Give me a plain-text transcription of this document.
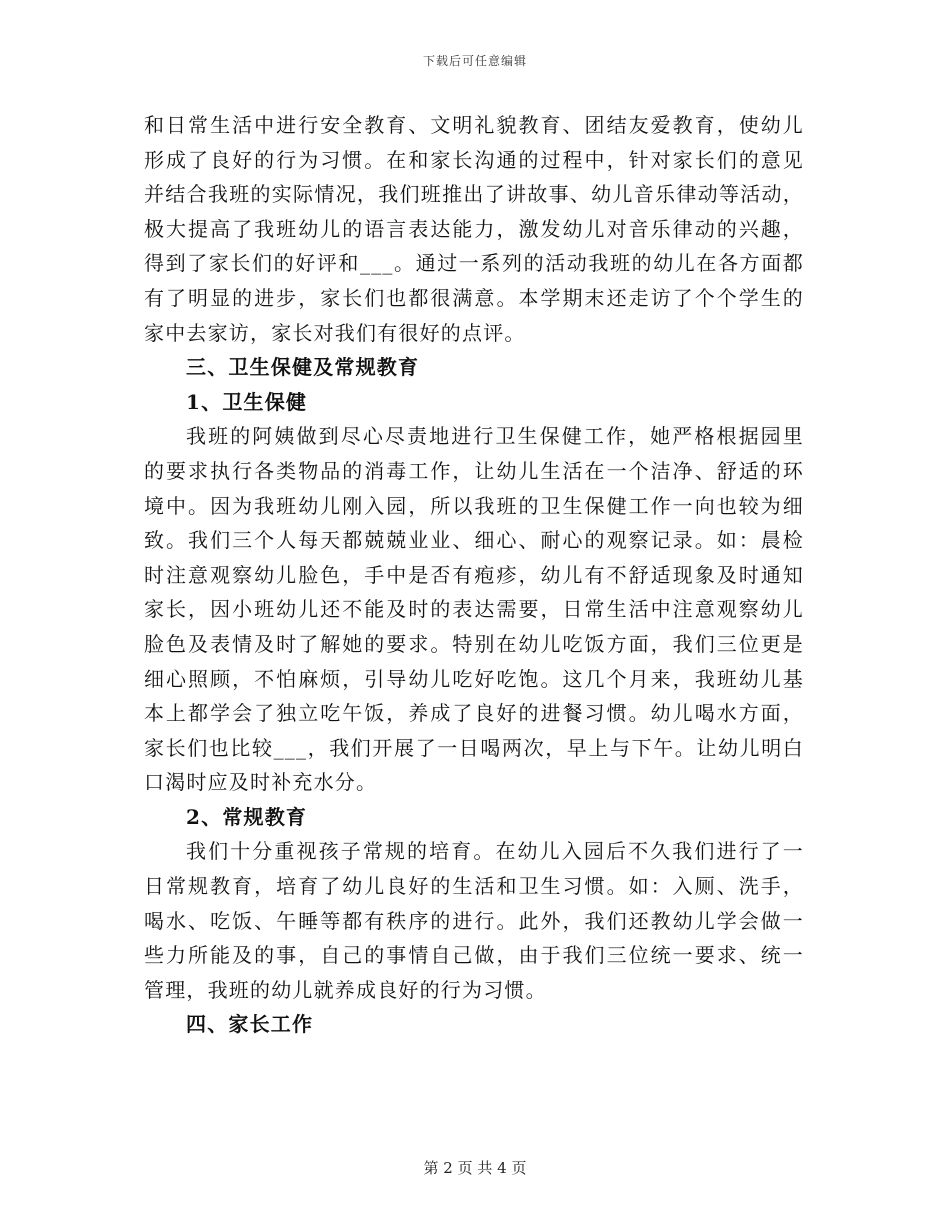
下载后可任意编辑
和日常生活中进行安全教育、文明礼貌教育、团结友爱教育，使幼儿
形成了良好的行为习惯。在和家长沟通的过程中，针对家长们的意见
并结合我班的实际情况，我们班推出了讲故事、幼儿音乐律动等活动，
极大提高了我班幼儿的语言表达能力，激发幼儿对音乐律动的兴趣，
得到了家长们的好评和___。通过一系列的活动我班的幼儿在各方面都
有了明显的进步，家长们也都很满意。本学期末还走访了个个学生的
家中去家访，家长对我们有很好的点评。
三、卫生保健及常规教育
1、卫生保健
我班的阿姨做到尽心尽责地进行卫生保健工作，她严格根据园里
的要求执行各类物品的消毒工作，让幼儿生活在一个洁净、舒适的环
境中。因为我班幼儿刚入园，所以我班的卫生保健工作一向也较为细
致。我们三个人每天都兢兢业业、细心、耐心的观察记录。如：晨检
时注意观察幼儿脸色，手中是否有疱疹，幼儿有不舒适现象及时通知
家长，因小班幼儿还不能及时的表达需要，日常生活中注意观察幼儿
脸色及表情及时了解她的要求。特别在幼儿吃饭方面，我们三位更是
细心照顾，不怕麻烦，引导幼儿吃好吃饱。这几个月来，我班幼儿基
本上都学会了独立吃午饭，养成了良好的进餐习惯。幼儿喝水方面，
家长们也比较___，我们开展了一日喝两次，早上与下午。让幼儿明白
口渴时应及时补充水分。
2、常规教育
我们十分重视孩子常规的培育。在幼儿入园后不久我们进行了一
日常规教育，培育了幼儿良好的生活和卫生习惯。如：入厕、洗手，
喝水、吃饭、午睡等都有秩序的进行。此外，我们还教幼儿学会做一
些力所能及的事，自己的事情自己做，由于我们三位统一要求、统一
管理，我班的幼儿就养成良好的行为习惯。
四、家长工作
第 2 页 共 4 页
